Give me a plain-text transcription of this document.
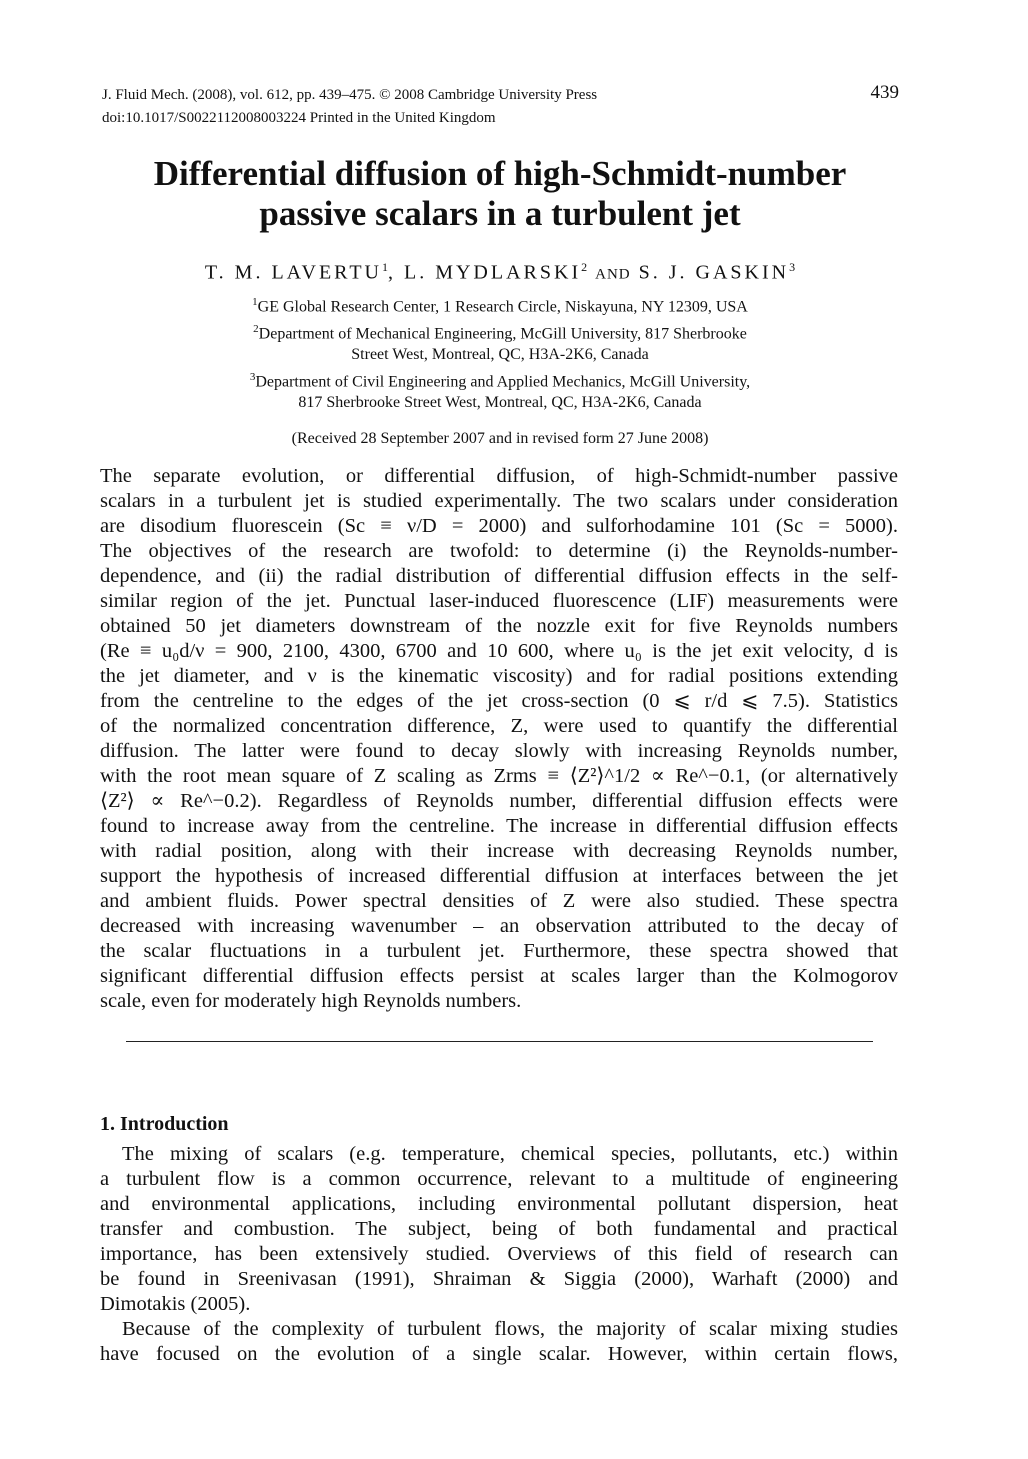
J. Fluid Mech. (2008), vol. 612, pp. 439–475. © 2008 Cambridge University Press
doi:10.1017/S0022112008003224 Printed in the United Kingdom
439
Differential diffusion of high-Schmidt-number
passive scalars in a turbulent jet
T. M. LAVERTU$^1$, L. MYDLARSKI$^2$ AND S. J. GASKIN$^3$
$^1$GE Global Research Center, 1 Research Circle, Niskayuna, NY 12309, USA
$^2$Department of Mechanical Engineering, McGill University, 817 Sherbrooke
Street West, Montreal, QC, H3A-2K6, Canada
$^3$Department of Civil Engineering and Applied Mechanics, McGill University,
817 Sherbrooke Street West, Montreal, QC, H3A-2K6, Canada
(Received 28 September 2007 and in revised form 27 June 2008)
The separate evolution, or differential diffusion, of high-Schmidt-number passive
scalars in a turbulent jet is studied experimentally. The two scalars under consideration
are disodium fluorescein (Sc ≡ ν/D = 2000) and sulforhodamine 101 (Sc = 5000).
The objectives of the research are twofold: to determine (i) the Reynolds-number-
dependence, and (ii) the radial distribution of differential diffusion effects in the self-
similar region of the jet. Punctual laser-induced fluorescence (LIF) measurements were
obtained 50 jet diameters downstream of the nozzle exit for five Reynolds numbers
(Re ≡ u₀d/ν = 900, 2100, 4300, 6700 and 10 600, where u₀ is the jet exit velocity, d is
the jet diameter, and ν is the kinematic viscosity) and for radial positions extending
from the centreline to the edges of the jet cross-section (0 ⩽ r/d ⩽ 7.5). Statistics
of the normalized concentration difference, Z, were used to quantify the differential
diffusion. The latter were found to decay slowly with increasing Reynolds number,
with the root mean square of Z scaling as Zrms ≡ ⟨Z²⟩^1/2 ∝ Re^−0.1, (or alternatively
⟨Z²⟩ ∝ Re^−0.2). Regardless of Reynolds number, differential diffusion effects were
found to increase away from the centreline. The increase in differential diffusion effects
with radial position, along with their increase with decreasing Reynolds number,
support the hypothesis of increased differential diffusion at interfaces between the jet
and ambient fluids. Power spectral densities of Z were also studied. These spectra
decreased with increasing wavenumber – an observation attributed to the decay of
the scalar fluctuations in a turbulent jet. Furthermore, these spectra showed that
significant differential diffusion effects persist at scales larger than the Kolmogorov
scale, even for moderately high Reynolds numbers.
1. Introduction
The mixing of scalars (e.g. temperature, chemical species, pollutants, etc.) within
a turbulent flow is a common occurrence, relevant to a multitude of engineering
and environmental applications, including environmental pollutant dispersion, heat
transfer and combustion. The subject, being of both fundamental and practical
importance, has been extensively studied. Overviews of this field of research can
be found in Sreenivasan (1991), Shraiman & Siggia (2000), Warhaft (2000) and
Dimotakis (2005).
Because of the complexity of turbulent flows, the majority of scalar mixing studies
have focused on the evolution of a single scalar. However, within certain flows,
